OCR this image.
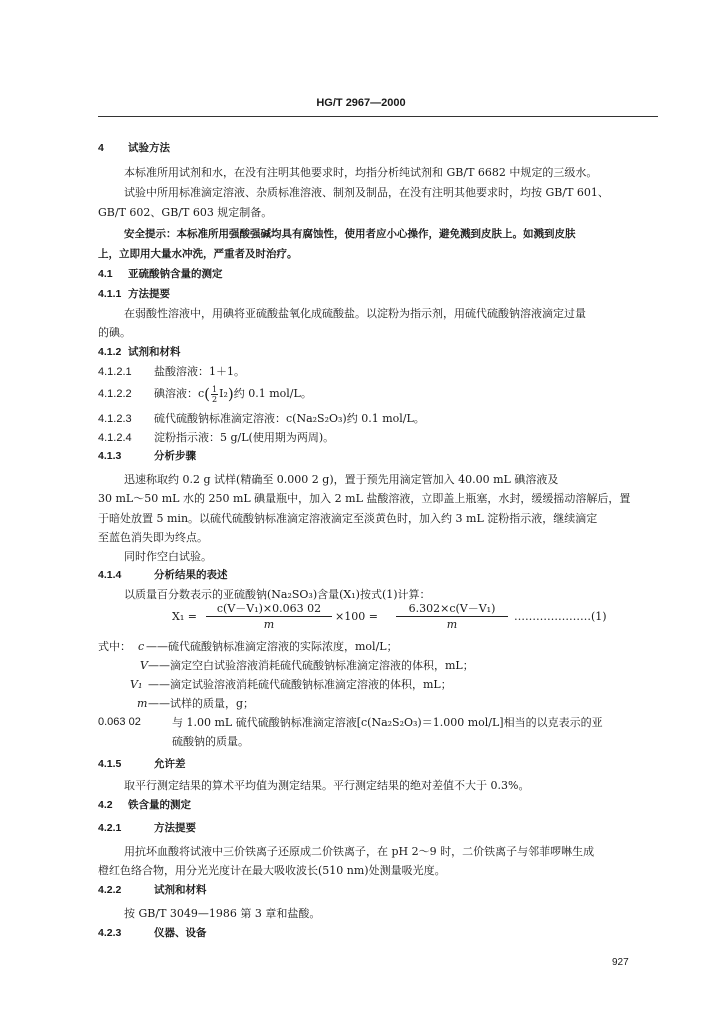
HG/T 2967—2000
4 试验方法
本标准所用试剂和水，在没有注明其他要求时，均指分析纯试剂和 GB/T 6682 中规定的三级水。
试验中所用标准滴定溶液、杂质标准溶液、制剂及制品，在没有注明其他要求时，均按 GB/T 601、
GB/T 602、GB/T 603 规定制备。
安全提示：本标准所用强酸强碱均具有腐蚀性，使用者应小心操作，避免溅到皮肤上。如溅到皮肤
上，立即用大量水冲洗，严重者及时治疗。
4.1 亚硫酸钠含量的测定
4.1.1 方法提要
在弱酸性溶液中，用碘将亚硫酸盐氧化成硫酸盐。以淀粉为指示剂，用硫代硫酸钠溶液滴定过量
的碘。
4.1.2 试剂和材料
4.1.2.1 盐酸溶液：1＋1。
4.1.2.2 碘溶液：$c( \frac{1}{2}I_2)$约 0.1 mol/L。
4.1.2.3 硫代硫酸钠标准滴定溶液：c(Na₂S₂O₃)约 0.1 mol/L。
4.1.2.4 淀粉指示液：5 g/L(使用期为两周)。
4.1.3	分析步骤
迅速称取约 0.2 g 试样(精确至 0.000 2 g)，置于预先用滴定管加入 40.00 mL 碘溶液及
30 mL～50 mL 水的 250 mL 碘量瓶中，加入 2 mL 盐酸溶液，立即盖上瓶塞，水封，缓缓摇动溶解后，置
于暗处放置 5 min。以硫代硫酸钠标准滴定溶液滴定至淡黄色时，加入约 3 mL 淀粉指示液，继续滴定
至蓝色消失即为终点。
同时作空白试验。
4.1.4	分析结果的表述
以质量百分数表示的亚硫酸钠(Na₂SO₃)含量(X₁)按式(1)计算：
$X_1 = \frac{\text{c(V－V₁)×0.063 02}}{m} \times 100 = \frac{\text{6.302×c(V－V₁)}}{m}$ …………………(1)
式中： c ——硫代硫酸钠标准滴定溶液的实际浓度，mol/L；
V——滴定空白试验溶液消耗硫代硫酸钠标准滴定溶液的体积，mL；
V₁ ——滴定试验溶液消耗硫代硫酸钠标准滴定溶液的体积，mL；
m——试样的质量，g；
0.063 02	与 1.00 mL 硫代硫酸钠标准滴定溶液[c(Na₂S₂O₃)＝1.000 mol/L]相当的以克表示的亚
硫酸钠的质量。
4.1.5	允许差
取平行测定结果的算术平均值为测定结果。平行测定结果的绝对差值不大于 0.3%。
4.2 铁含量的测定
4.2.1	方法提要
用抗坏血酸将试液中三价铁离子还原成二价铁离子，在 pH 2～9 时，二价铁离子与邻菲啰啉生成
橙红色络合物，用分光光度计在最大吸收波长(510 nm)处测量吸光度。
4.2.2	试剂和材料
按 GB/T 3049—1986 第 3 章和盐酸。
4.2.3	仪器、设备
927
